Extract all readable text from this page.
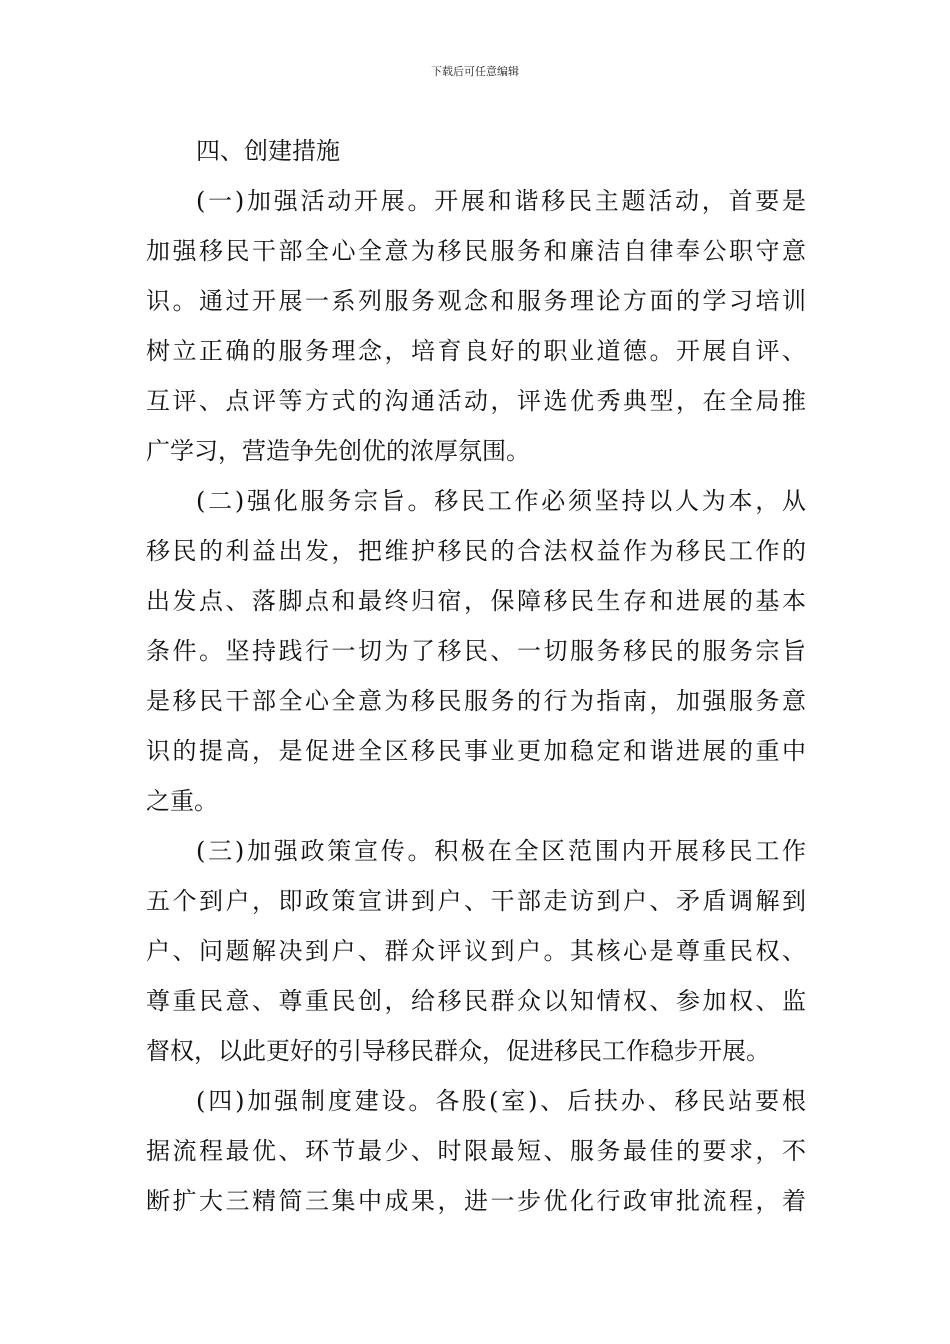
下载后可任意编辑
四、创建措施

(一)加强活动开展。开展和谐移民主题活动，首要是
加强移民干部全心全意为移民服务和廉洁自律奉公职守意
识。通过开展一系列服务观念和服务理论方面的学习培训
树立正确的服务理念，培育良好的职业道德。开展自评、
互评、点评等方式的沟通活动，评选优秀典型，在全局推
广学习，营造争先创优的浓厚氛围。

(二)强化服务宗旨。移民工作必须坚持以人为本，从
移民的利益出发，把维护移民的合法权益作为移民工作的
出发点、落脚点和最终归宿，保障移民生存和进展的基本
条件。坚持践行一切为了移民、一切服务移民的服务宗旨
是移民干部全心全意为移民服务的行为指南，加强服务意
识的提高，是促进全区移民事业更加稳定和谐进展的重中
之重。

(三)加强政策宣传。积极在全区范围内开展移民工作
五个到户，即政策宣讲到户、干部走访到户、矛盾调解到
户、问题解决到户、群众评议到户。其核心是尊重民权、
尊重民意、尊重民创，给移民群众以知情权、参加权、监
督权，以此更好的引导移民群众，促进移民工作稳步开展。

(四)加强制度建设。各股(室)、后扶办、移民站要根
据流程最优、环节最少、时限最短、服务最佳的要求，不
断扩大三精简三集中成果，进一步优化行政审批流程，着
